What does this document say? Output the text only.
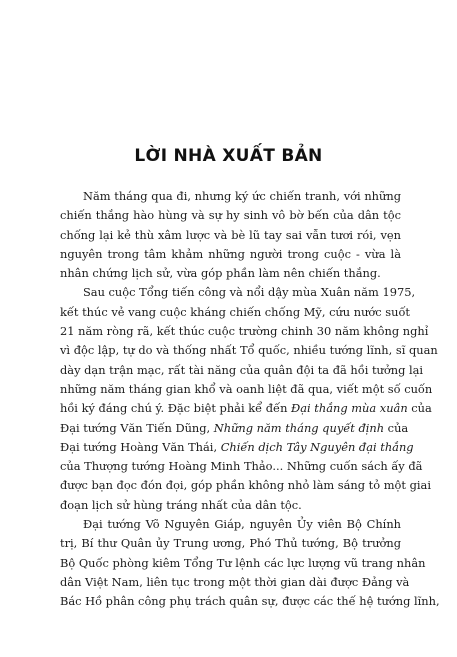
LỜI NHÀ XUẤT BẢN
Năm tháng qua đi, nhưng ký ức chiến tranh, với những
chiến thắng hào hùng và sự hy sinh vô bờ bến của dân tộc
chống lại kẻ thù xâm lược và bè lũ tay sai vẫn tươi rói, vẹn
nguyên trong tâm khảm những người trong cuộc - vừa là
nhân chứng lịch sử, vừa góp phần làm nên chiến thắng.
Sau cuộc Tổng tiến công và nổi dậy mùa Xuân năm 1975,
kết thúc vẻ vang cuộc kháng chiến chống Mỹ, cứu nước suốt
21 năm ròng rã, kết thúc cuộc trường chinh 30 năm không nghỉ
vì độc lập, tự do và thống nhất Tổ quốc, nhiều tướng lĩnh, sĩ quan
dày dạn trận mạc, rất tài năng của quân đội ta đã hồi tưởng lại
những năm tháng gian khổ và oanh liệt đã qua, viết một số cuốn
hồi ký đáng chú ý. Đặc biệt phải kể đến Đại thắng mùa xuân của
Đại tướng Văn Tiến Dũng, Những năm tháng quyết định của
Đại tướng Hoàng Văn Thái, Chiến dịch Tây Nguyên đại thắng
của Thượng tướng Hoàng Minh Thảo... Những cuốn sách ấy đã
được bạn đọc đón đọi, góp phần không nhỏ làm sáng tỏ một giai
đoạn lịch sử hùng tráng nhất của dân tộc.
Đại tướng Võ Nguyên Giáp, nguyên Ủy viên Bộ Chính
trị, Bí thư Quân ủy Trung ương, Phó Thủ tướng, Bộ trưởng
Bộ Quốc phòng kiêm Tổng Tư lệnh các lực lượng vũ trang nhân
dân Việt Nam, liên tục trong một thời gian dài được Đảng và
Bác Hồ phân công phụ trách quân sự, được các thế hệ tướng lĩnh,
